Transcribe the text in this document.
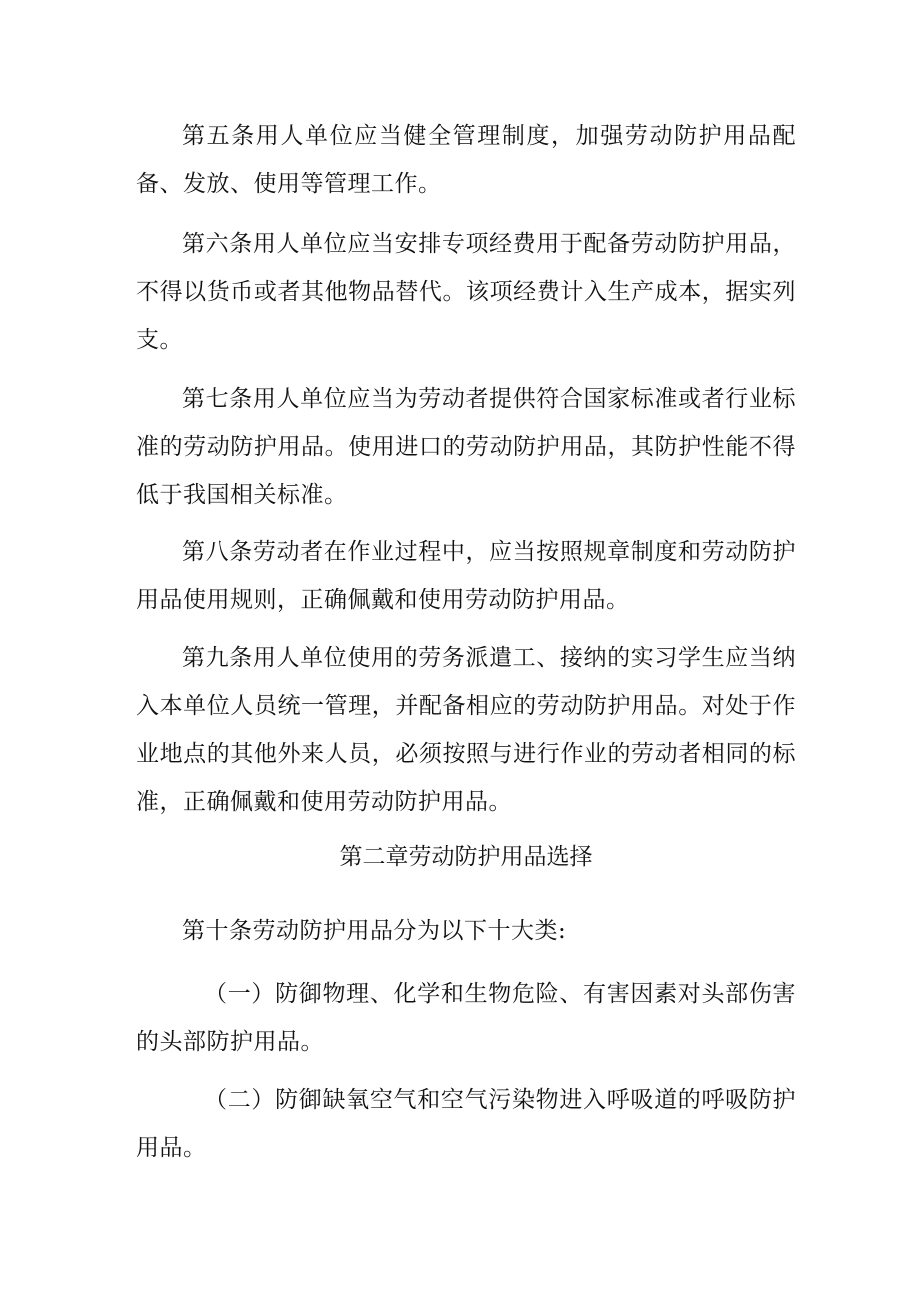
第五条用人单位应当健全管理制度，加强劳动防护用品配备、发放、使用等管理工作。

第六条用人单位应当安排专项经费用于配备劳动防护用品，不得以货币或者其他物品替代。该项经费计入生产成本，据实列支。

第七条用人单位应当为劳动者提供符合国家标准或者行业标准的劳动防护用品。使用进口的劳动防护用品，其防护性能不得低于我国相关标准。

第八条劳动者在作业过程中，应当按照规章制度和劳动防护用品使用规则，正确佩戴和使用劳动防护用品。

第九条用人单位使用的劳务派遣工、接纳的实习学生应当纳入本单位人员统一管理，并配备相应的劳动防护用品。对处于作业地点的其他外来人员，必须按照与进行作业的劳动者相同的标准，正确佩戴和使用劳动防护用品。

第二章劳动防护用品选择

第十条劳动防护用品分为以下十大类:

（一）防御物理、化学和生物危险、有害因素对头部伤害的头部防护用品。

（二）防御缺氧空气和空气污染物进入呼吸道的呼吸防护用品。
